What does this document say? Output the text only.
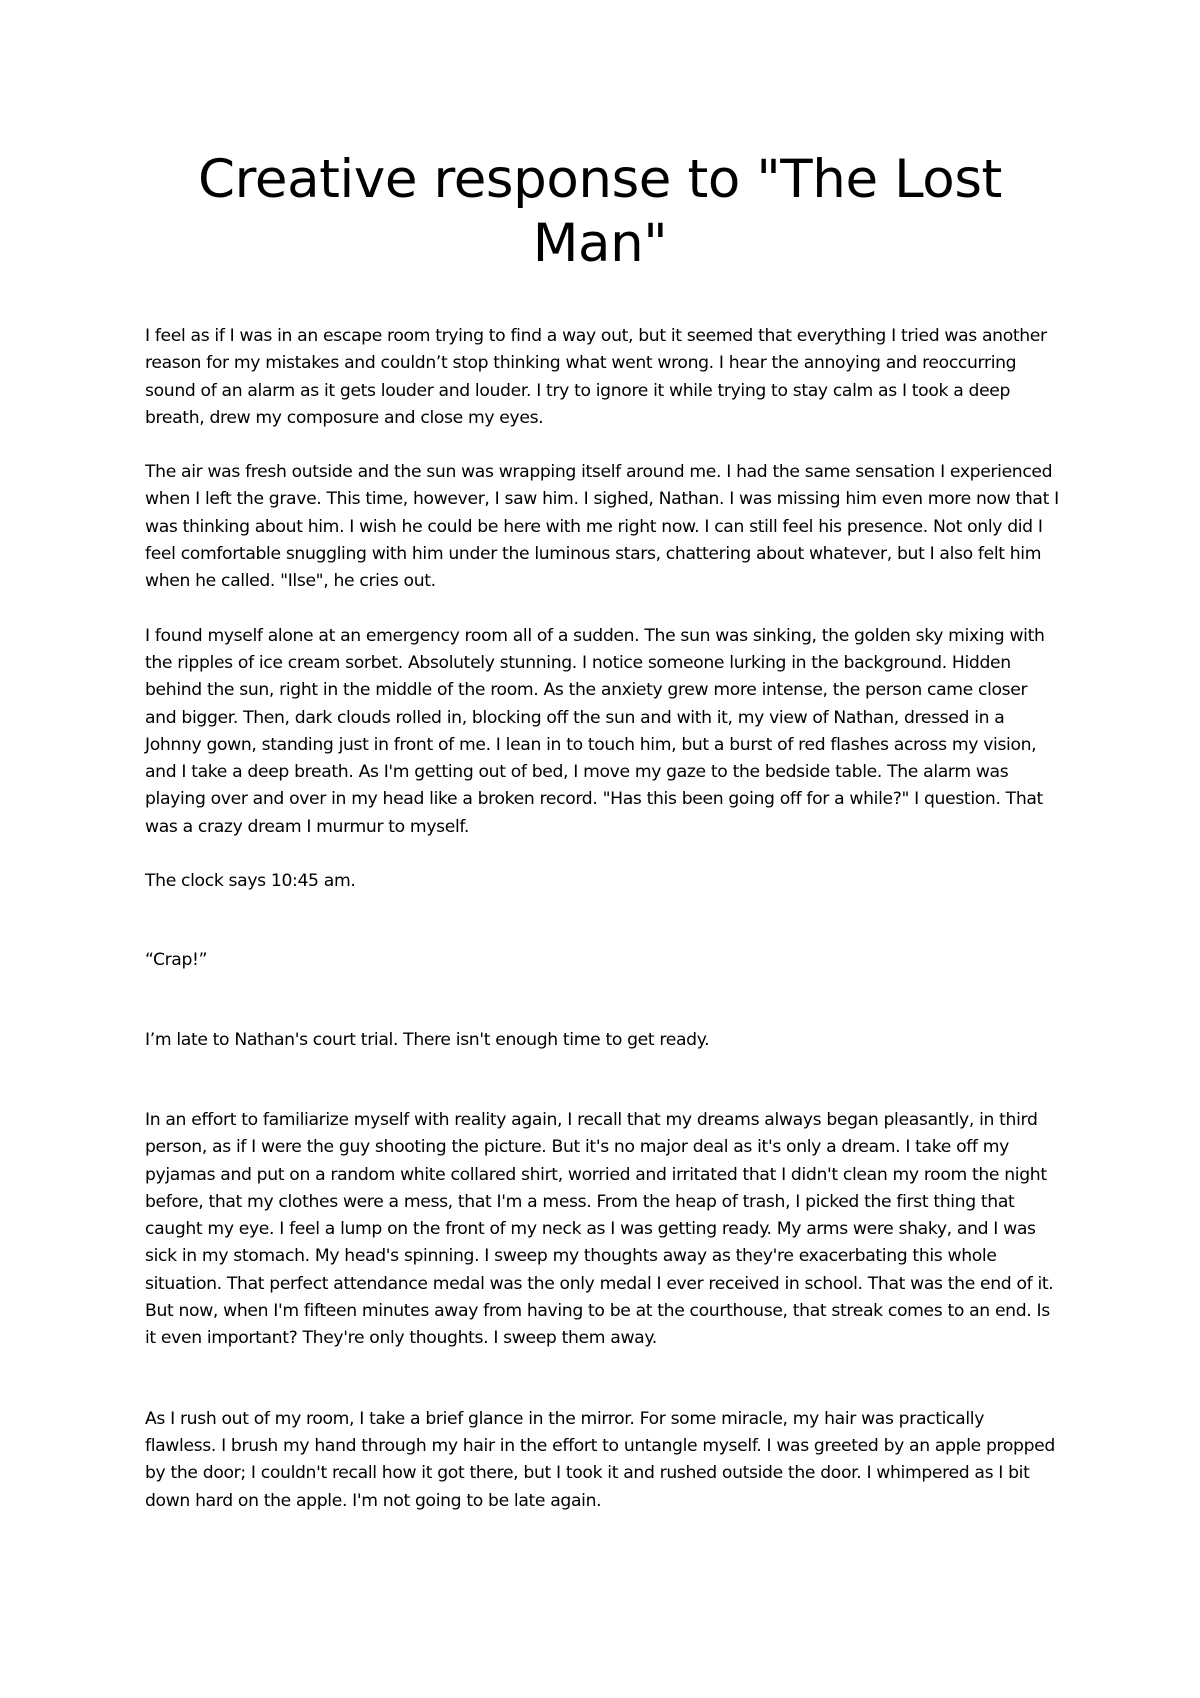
Creative response to "The Lost Man"

I feel as if I was in an escape room trying to find a way out, but it seemed that everything I tried was another reason for my mistakes and couldn’t stop thinking what went wrong. I hear the annoying and reoccurring sound of an alarm as it gets louder and louder. I try to ignore it while trying to stay calm as I took a deep breath, drew my composure and close my eyes.

The air was fresh outside and the sun was wrapping itself around me. I had the same sensation I experienced when I left the grave. This time, however, I saw him. I sighed, Nathan. I was missing him even more now that I was thinking about him. I wish he could be here with me right now. I can still feel his presence. Not only did I feel comfortable snuggling with him under the luminous stars, chattering about whatever, but I also felt him when he called. "Ilse", he cries out.

I found myself alone at an emergency room all of a sudden. The sun was sinking, the golden sky mixing with the ripples of ice cream sorbet. Absolutely stunning. I notice someone lurking in the background. Hidden behind the sun, right in the middle of the room. As the anxiety grew more intense, the person came closer and bigger. Then, dark clouds rolled in, blocking off the sun and with it, my view of Nathan, dressed in a Johnny gown, standing just in front of me. I lean in to touch him, but a burst of red flashes across my vision, and I take a deep breath. As I'm getting out of bed, I move my gaze to the bedside table. The alarm was playing over and over in my head like a broken record. "Has this been going off for a while?" I question. That was a crazy dream I murmur to myself.

The clock says 10:45 am.

“Crap!”

I’m late to Nathan's court trial. There isn't enough time to get ready.

In an effort to familiarize myself with reality again, I recall that my dreams always began pleasantly, in third person, as if I were the guy shooting the picture. But it's no major deal as it's only a dream. I take off my pyjamas and put on a random white collared shirt, worried and irritated that I didn't clean my room the night before, that my clothes were a mess, that I'm a mess. From the heap of trash, I picked the first thing that caught my eye. I feel a lump on the front of my neck as I was getting ready. My arms were shaky, and I was sick in my stomach. My head's spinning. I sweep my thoughts away as they're exacerbating this whole situation. That perfect attendance medal was the only medal I ever received in school. That was the end of it. But now, when I'm fifteen minutes away from having to be at the courthouse, that streak comes to an end. Is it even important? They're only thoughts. I sweep them away.

As I rush out of my room, I take a brief glance in the mirror. For some miracle, my hair was practically flawless. I brush my hand through my hair in the effort to untangle myself. I was greeted by an apple propped by the door; I couldn't recall how it got there, but I took it and rushed outside the door. I whimpered as I bit down hard on the apple. I'm not going to be late again.
